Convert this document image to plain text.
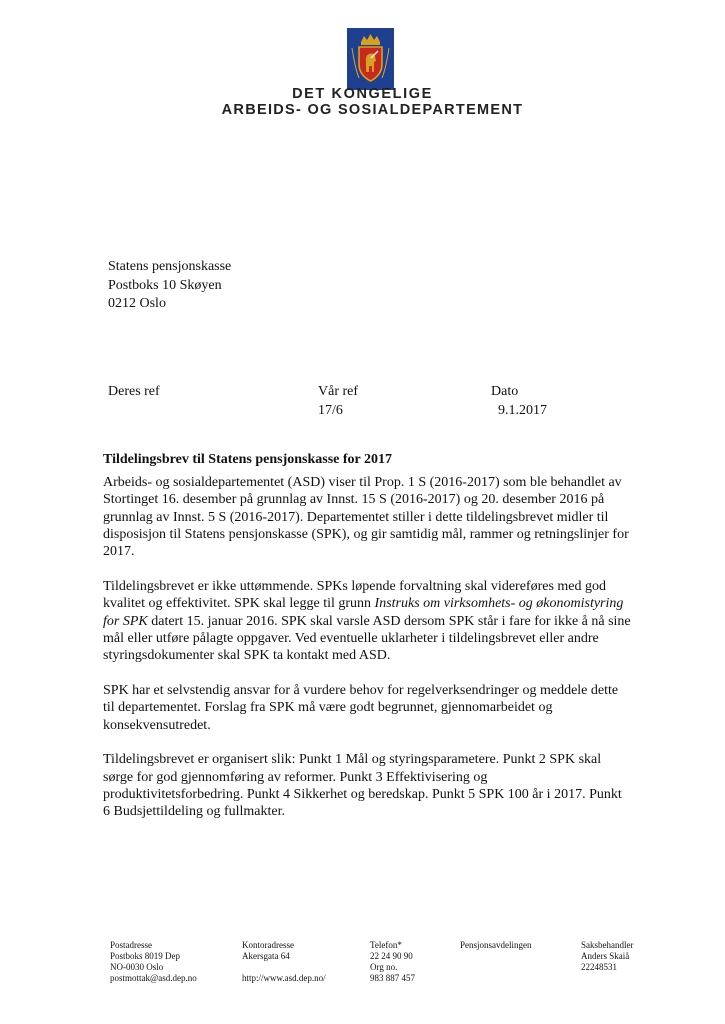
DET KONGELIGE
ARBEIDS- OG SOSIALDEPARTEMENT
Statens pensjonskasse
Postboks 10 Skøyen
0212 Oslo
Deres ref	Vår ref
17/6
Dato
9.1.2017
Tildelingsbrev til Statens pensjonskasse for 2017

Arbeids- og sosialdepartementet (ASD) viser til Prop. 1 S (2016-2017) som ble behandlet av
Stortinget 16. desember på grunnlag av Innst. 15 S (2016-2017) og 20. desember 2016 på
grunnlag av Innst. 5 S (2016-2017). Departementet stiller i dette tildelingsbrevet midler til
disposisjon til Statens pensjonskasse (SPK), og gir samtidig mål, rammer og retningslinjer for
2017.

Tildelingsbrevet er ikke uttømmende. SPKs løpende forvaltning skal videreføres med god
kvalitet og effektivitet. SPK skal legge til grunn Instruks om virksomhets- og økonomistyring
for SPK datert 15. januar 2016. SPK skal varsle ASD dersom SPK står i fare for ikke å nå sine
mål eller utføre pålagte oppgaver. Ved eventuelle uklarheter i tildelingsbrevet eller andre
styringsdokumenter skal SPK ta kontakt med ASD.

SPK har et selvstendig ansvar for å vurdere behov for regelverksendringer og meddele dette
til departementet. Forslag fra SPK må være godt begrunnet, gjennomarbeidet og
konsekvensutredet.

Tildelingsbrevet er organisert slik: Punkt 1 Mål og styringsparametere. Punkt 2 SPK skal
sørge for god gjennomføring av reformer. Punkt 3 Effektivisering og
produktivitetsforbedring. Punkt 4 Sikkerhet og beredskap. Punkt 5 SPK 100 år i 2017. Punkt
6 Budsjettildeling og fullmakter.

Postadresse
Postboks 8019 Dep
NO-0030 Oslo
postmottak@asd.dep.no
Kontoradresse
Akersgata 64

http://www.asd.dep.no/
Telefon*
22 24 90 90
Org no.
983 887 457
Pensjonsavdelingen	Saksbehandler
Anders Skaiå
22248531
